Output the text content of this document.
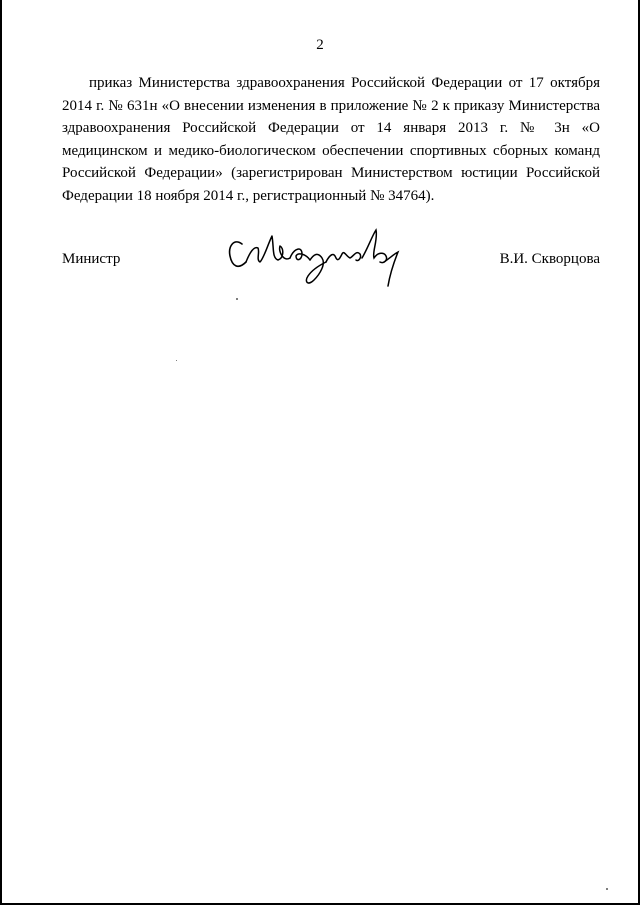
2

приказ Министерства здравоохранения Российской Федерации от 17 октября 2014 г. № 631н «О внесении изменения в приложение № 2 к приказу Министерства здравоохранения Российской Федерации от 14 января 2013 г. № 3н «О медицинском и медико-биологическом обеспечении спортивных сборных команд Российской Федерации» (зарегистрирован Министерством юстиции Российской Федерации 18 ноября 2014 г., регистрационный № 34764).

Министр	В.И. Скворцова
